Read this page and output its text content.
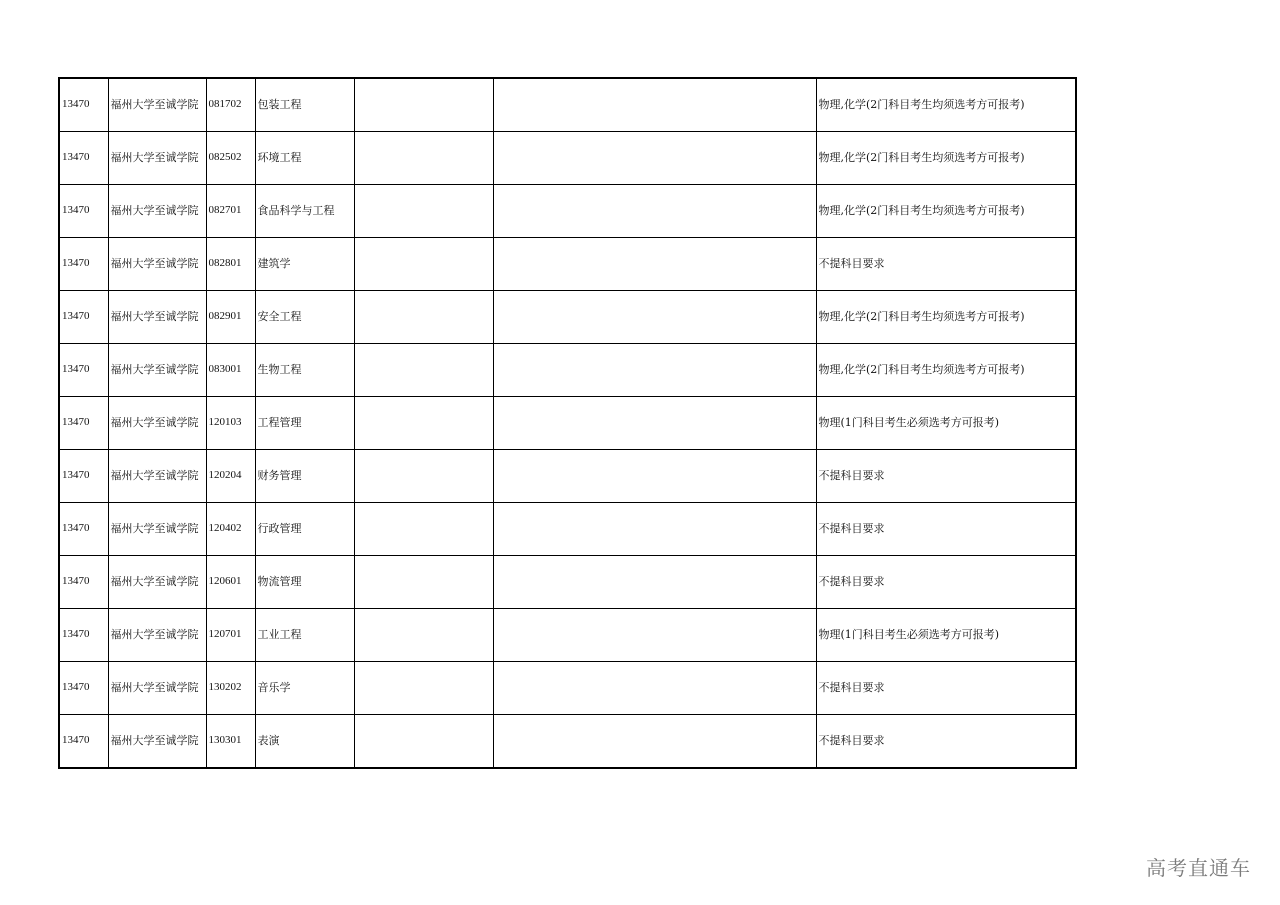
13470	福州大学至诚学院	081702	包装工程			物理,化学(2门科目考生均须选考方可报考)
13470	福州大学至诚学院	082502	环境工程			物理,化学(2门科目考生均须选考方可报考)
13470	福州大学至诚学院	082701	食品科学与工程			物理,化学(2门科目考生均须选考方可报考)
13470	福州大学至诚学院	082801	建筑学			不提科目要求
13470	福州大学至诚学院	082901	安全工程			物理,化学(2门科目考生均须选考方可报考)
13470	福州大学至诚学院	083001	生物工程			物理,化学(2门科目考生均须选考方可报考)
13470	福州大学至诚学院	120103	工程管理			物理(1门科目考生必须选考方可报考)
13470	福州大学至诚学院	120204	财务管理			不提科目要求
13470	福州大学至诚学院	120402	行政管理			不提科目要求
13470	福州大学至诚学院	120601	物流管理			不提科目要求
13470	福州大学至诚学院	120701	工业工程			物理(1门科目考生必须选考方可报考)
13470	福州大学至诚学院	130202	音乐学			不提科目要求
13470	福州大学至诚学院	130301	表演			不提科目要求
高考直通车
